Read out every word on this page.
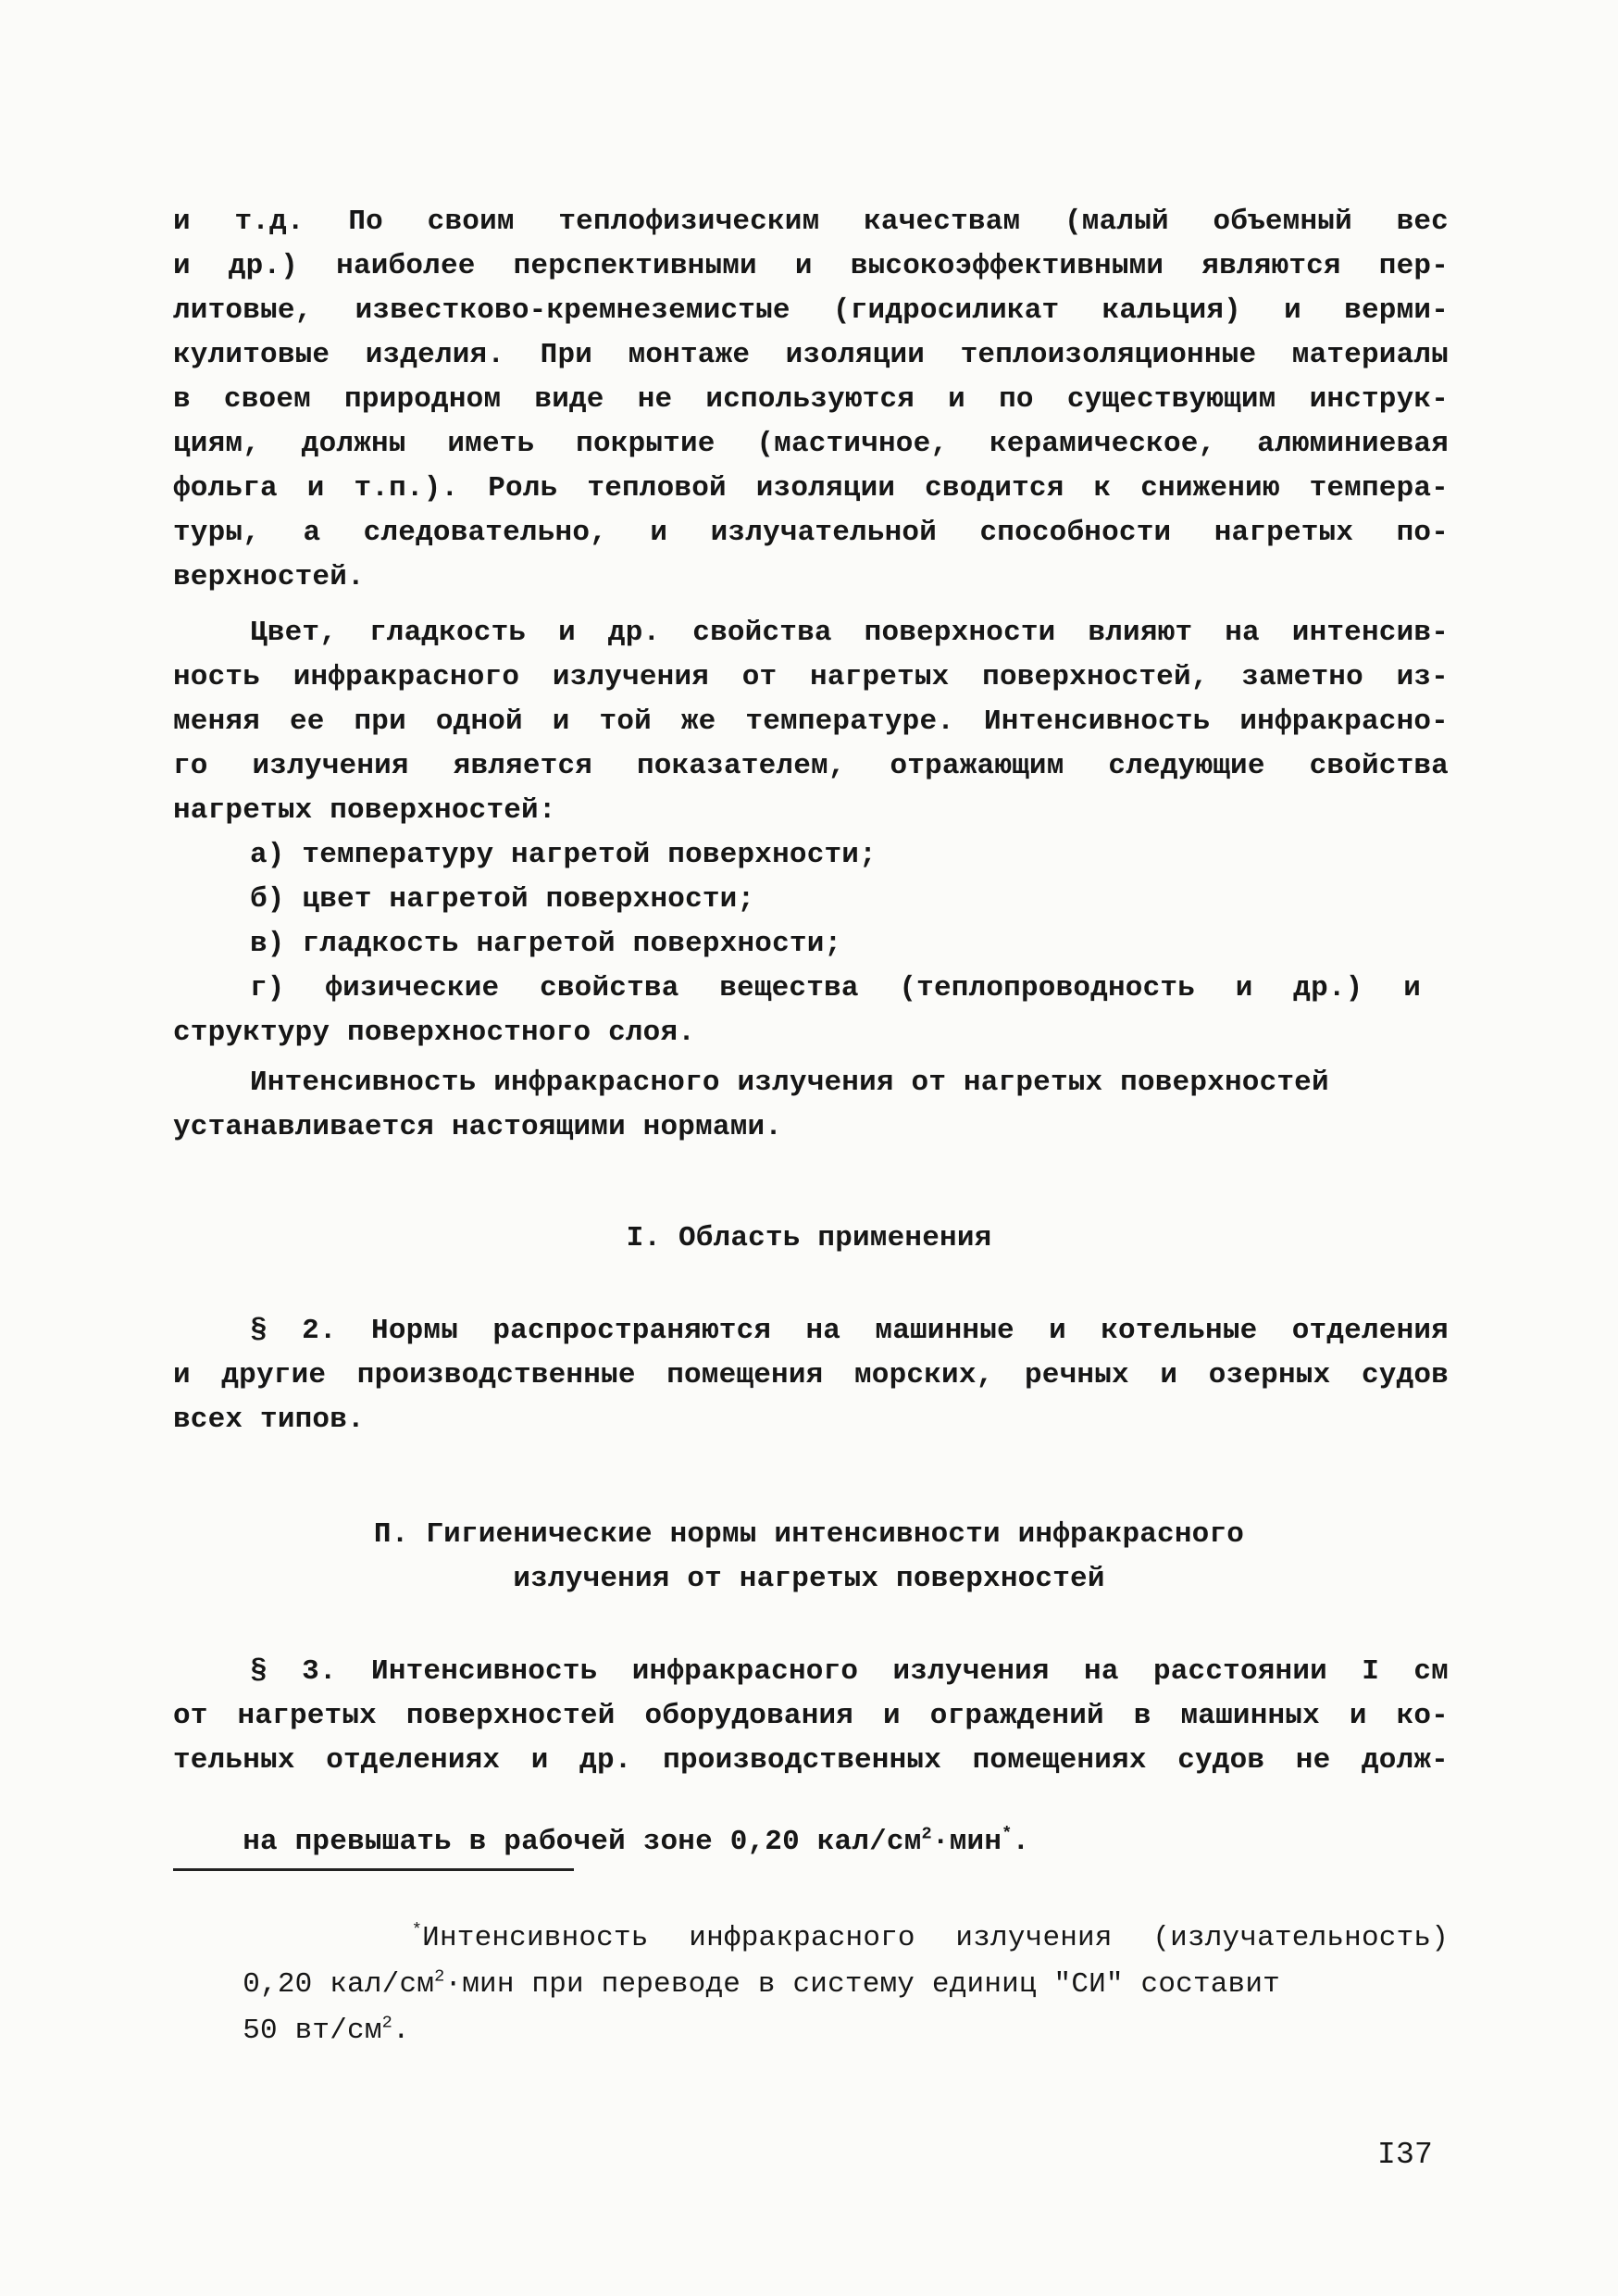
и т.д. По своим теплофизическим качествам (малый объемный вес
и др.) наиболее перспективными и высокоэффективными являются пер-
литовые, известково-кремнеземистые (гидросиликат кальция) и верми-
кулитовые изделия. При монтаже изоляции теплоизоляционные материалы
в своем природном виде не используются и по существующим инструк-
циям, должны иметь покрытие (мастичное, керамическое, алюминиевая
фольга и т.п.). Роль тепловой изоляции сводится к снижению темпера-
туры, а следовательно, и излучательной способности нагретых по-
верхностей.
Цвет, гладкость и др. свойства поверхности влияют на интенсив-
ность инфракрасного излучения от нагретых поверхностей, заметно из-
меняя ее при одной и той же температуре. Интенсивность инфракрасно-
го излучения является показателем, отражающим следующие свойства
нагретых поверхностей:
а) температуру нагретой поверхности;
б) цвет нагретой поверхности;
в) гладкость нагретой поверхности;
г) физические свойства вещества (теплопроводность и др.) и
структуру поверхностного слоя.
Интенсивность инфракрасного излучения от нагретых поверхностей
устанавливается настоящими нормами.
I. Область применения
§ 2. Нормы распространяются на машинные и котельные отделения
и другие производственные помещения морских, речных и озерных судов
всех типов.
П. Гигиенические нормы интенсивности инфракрасного
излучения от нагретых поверхностей
§ 3. Интенсивность инфракрасного излучения на расстоянии I см
от нагретых поверхностей оборудования и ограждений в машинных и ко-
тельных отделениях и др. производственных помещениях судов не долж-

на превышать в рабочей зоне 0,20 кал/$см^2\cdot мин^*$.

*Интенсивность инфракрасного излучения (излучательность)

0,20 кал/$см^2\cdot мин$ при переводе в систему единиц "СИ" составит

50 $вт/см^2$.

I37
